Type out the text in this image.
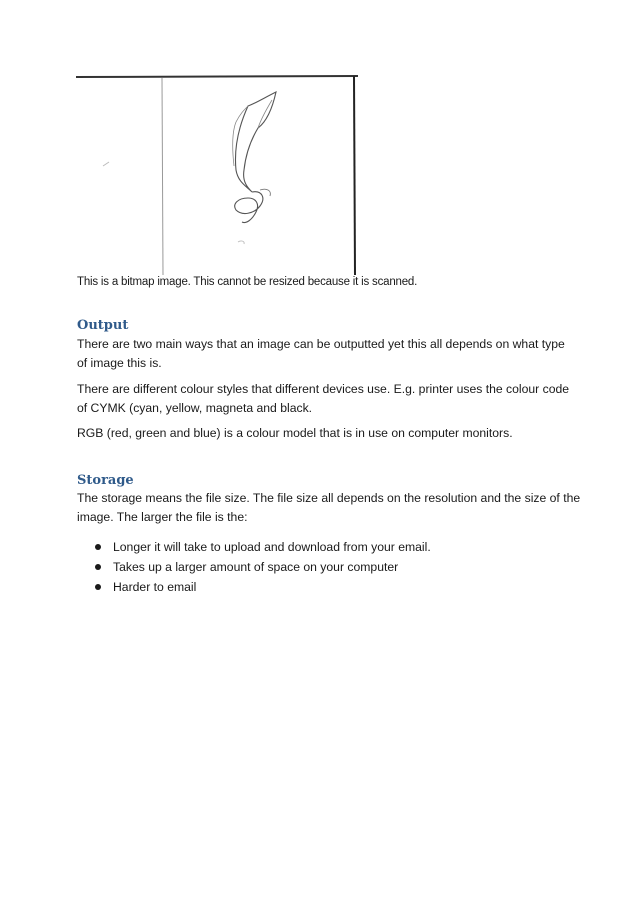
This is a bitmap image. This cannot be resized because it is scanned.
Output
There are two main ways that an image can be outputted yet this all depends on what type
of image this is.
There are different colour styles that different devices use. E.g. printer uses the colour code
of CYMK (cyan, yellow, magneta and black.
RGB (red, green and blue) is a colour model that is in use on computer monitors.
Storage
The storage means the file size. The file size all depends on the resolution and the size of the
image. The larger the file is the:
Longer it will take to upload and download from your email.
Takes up a larger amount of space on your computer
Harder to email
